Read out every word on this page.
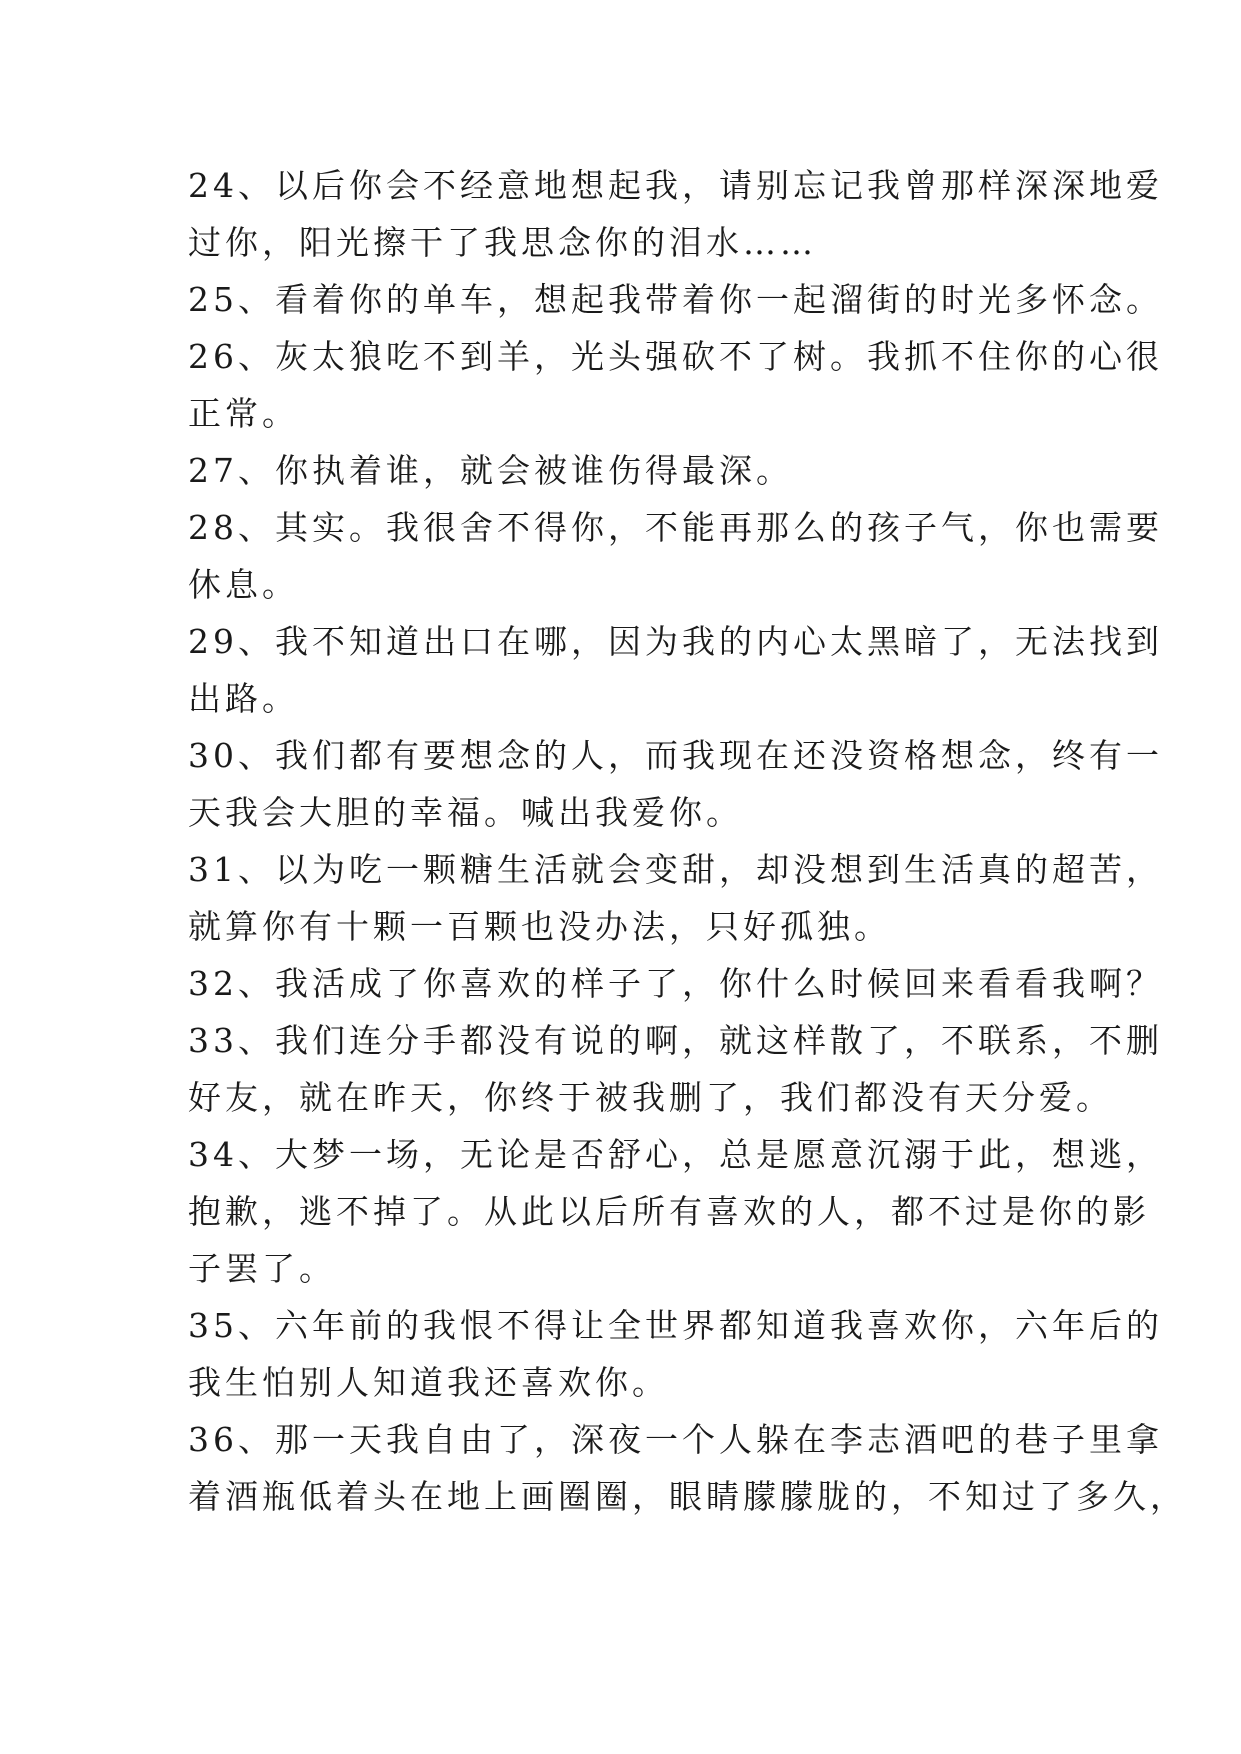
24、以后你会不经意地想起我，请别忘记我曾那样深深地爱
过你，阳光擦干了我思念你的泪水……
25、看着你的单车，想起我带着你一起溜街的时光多怀念。
26、灰太狼吃不到羊，光头强砍不了树。我抓不住你的心很
正常。
27、你执着谁，就会被谁伤得最深。
28、其实。我很舍不得你，不能再那么的孩子气，你也需要
休息。
29、我不知道出口在哪，因为我的内心太黑暗了，无法找到
出路。
30、我们都有要想念的人，而我现在还没资格想念，终有一
天我会大胆的幸福。喊出我爱你。
31、以为吃一颗糖生活就会变甜，却没想到生活真的超苦，
就算你有十颗一百颗也没办法，只好孤独。
32、我活成了你喜欢的样子了，你什么时候回来看看我啊？
33、我们连分手都没有说的啊，就这样散了，不联系，不删
好友，就在昨天，你终于被我删了，我们都没有天分爱。
34、大梦一场，无论是否舒心，总是愿意沉溺于此，想逃，
抱歉，逃不掉了。从此以后所有喜欢的人，都不过是你的影
子罢了。
35、六年前的我恨不得让全世界都知道我喜欢你，六年后的
我生怕别人知道我还喜欢你。
36、那一天我自由了，深夜一个人躲在李志酒吧的巷子里拿
着酒瓶低着头在地上画圈圈，眼睛朦朦胧的，不知过了多久，
